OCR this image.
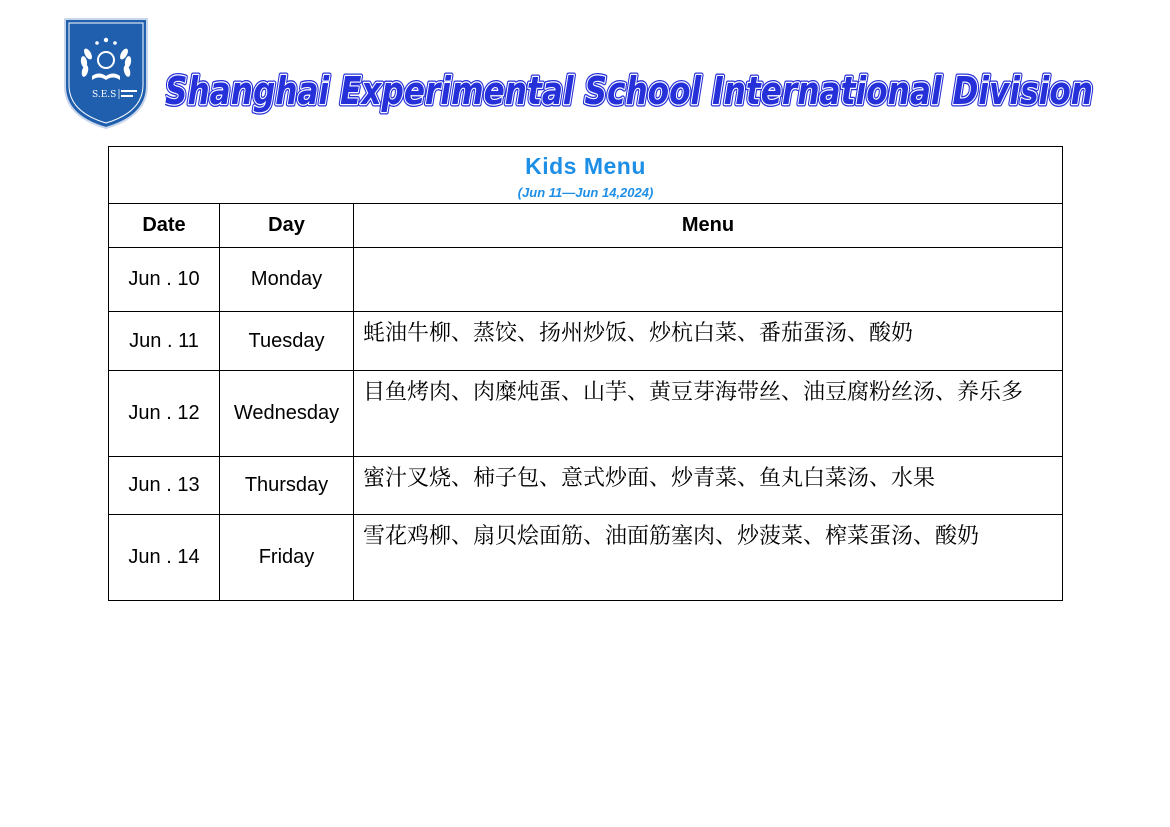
S.E.S Shanghai Experimental School International Division
Shanghai Experimental School International Division
Shanghai Experimental School International Division
Kids Menu
(Jun 11—Jun 14,2024)		

Date	Day	Menu
Jun . 10	Monday	
Jun . 11	Tuesday	蚝油牛柳、蒸饺、扬州炒饭、炒杭白菜、番茄蛋汤、酸奶
Jun . 12	Wednesday	目鱼烤肉、肉糜炖蛋、山芋、黄豆芽海带丝、油豆腐粉丝汤、养乐多
Jun . 13	Thursday	蜜汁叉烧、柿子包、意式炒面、炒青菜、鱼丸白菜汤、水果
Jun . 14	Friday	雪花鸡柳、扇贝烩面筋、油面筋塞肉、炒菠菜、榨菜蛋汤、酸奶
